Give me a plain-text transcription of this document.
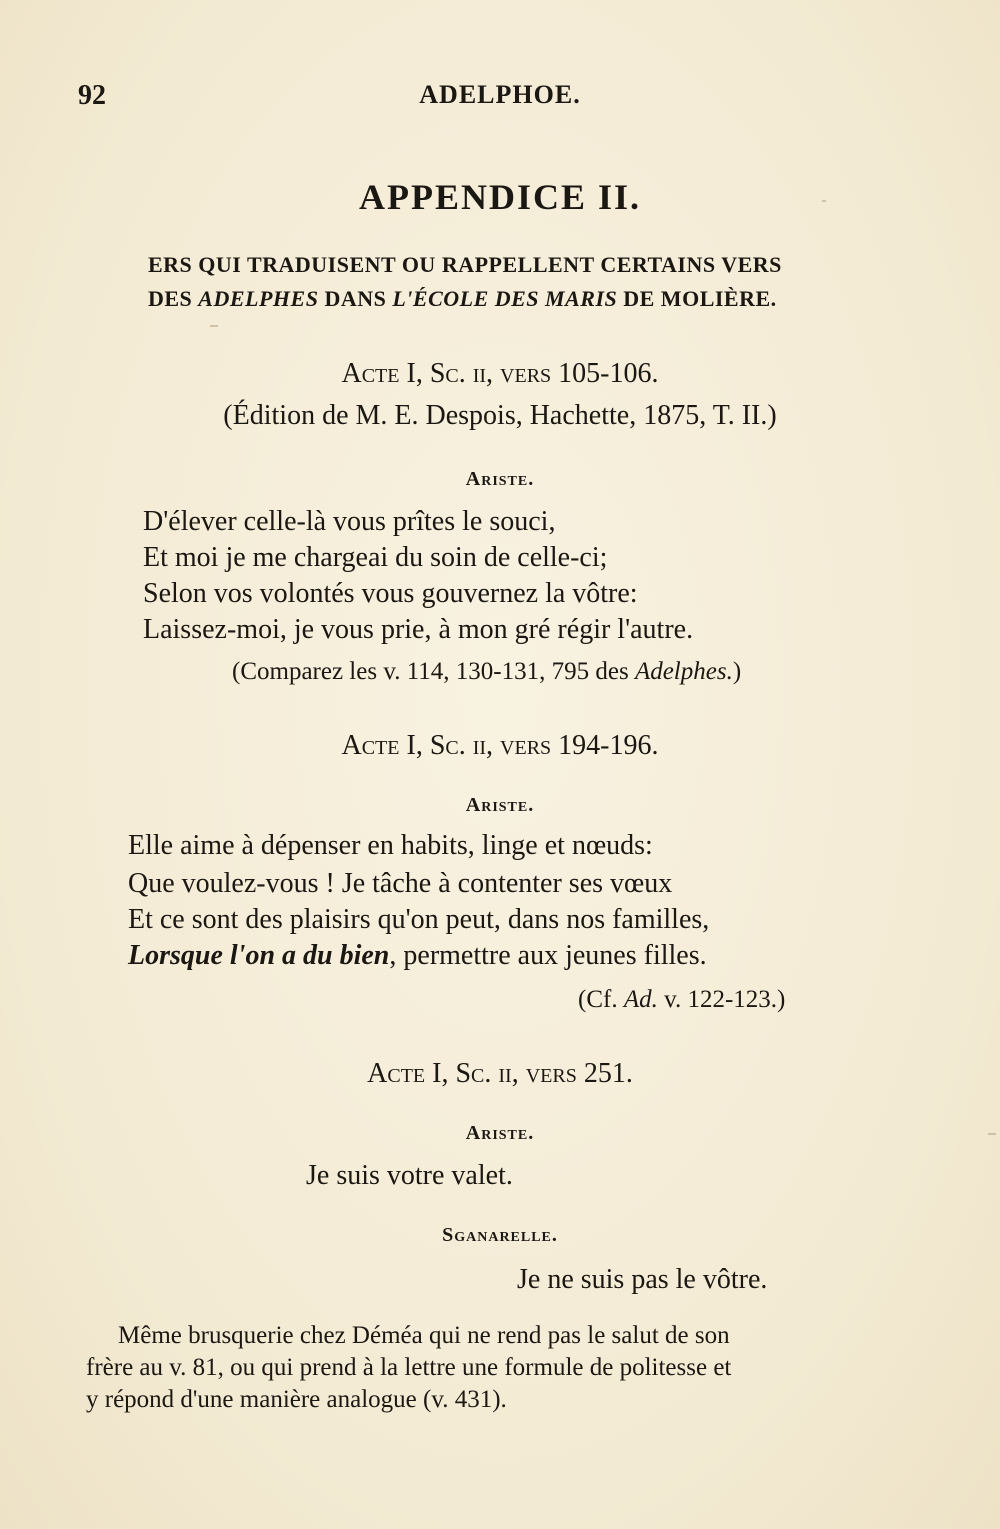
92	ADELPHOE.
APPENDICE II.
ERS QUI TRADUISENT OU RAPPELLENT CERTAINS VERS
DES ADELPHES DANS L'ÉCOLE DES MARIS DE MOLIÈRE.
Acte I, Sc. ii, vers 105-106.
(Édition de M. E. Despois, Hachette, 1875, T. II.)
Ariste.
D'élever celle-là vous prîtes le souci,
Et moi je me chargeai du soin de celle-ci;
Selon vos volontés vous gouvernez la vôtre:
Laissez-moi, je vous prie, à mon gré régir l'autre.
(Comparez les v. 114, 130-131, 795 des Adelphes.)
Acte I, Sc. ii, vers 194-196.
Ariste.
Elle aime à dépenser en habits, linge et nœuds:
Que voulez-vous ! Je tâche à contenter ses vœux
Et ce sont des plaisirs qu'on peut, dans nos familles,
Lorsque l'on a du bien, permettre aux jeunes filles.
(Cf. Ad. v. 122-123.)
Acte I, Sc. ii, vers 251.
Ariste.
Je suis votre valet.
Sganarelle.
Je ne suis pas le vôtre.
Même brusquerie chez Déméa qui ne rend pas le salut de son
frère au v. 81, ou qui prend à la lettre une formule de politesse et
y répond d'une manière analogue (v. 431).
